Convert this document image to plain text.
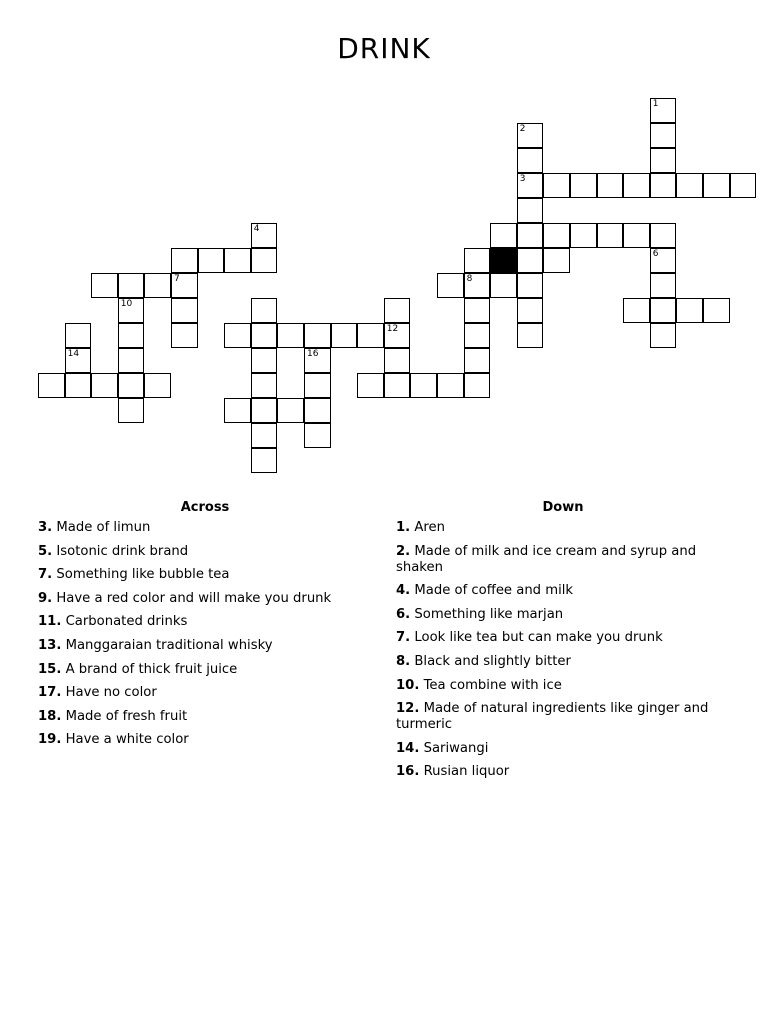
DRINK
1
2
3
4
5	6
7	8
10
12
14	16
Across
3. Made of limun
5. Isotonic drink brand
7. Something like bubble tea
9. Have a red color and will make you drunk
11. Carbonated drinks
13. Manggaraian traditional whisky
15. A brand of thick fruit juice
17. Have no color
18. Made of fresh fruit
19. Have a white color
Down
1. Aren
2. Made of milk and ice cream and syrup and shaken
4. Made of coffee and milk
6. Something like marjan
7. Look like tea but can make you drunk
8. Black and slightly bitter
10. Tea combine with ice
12. Made of natural ingredients like ginger and turmeric
14. Sariwangi
16. Rusian liquor
